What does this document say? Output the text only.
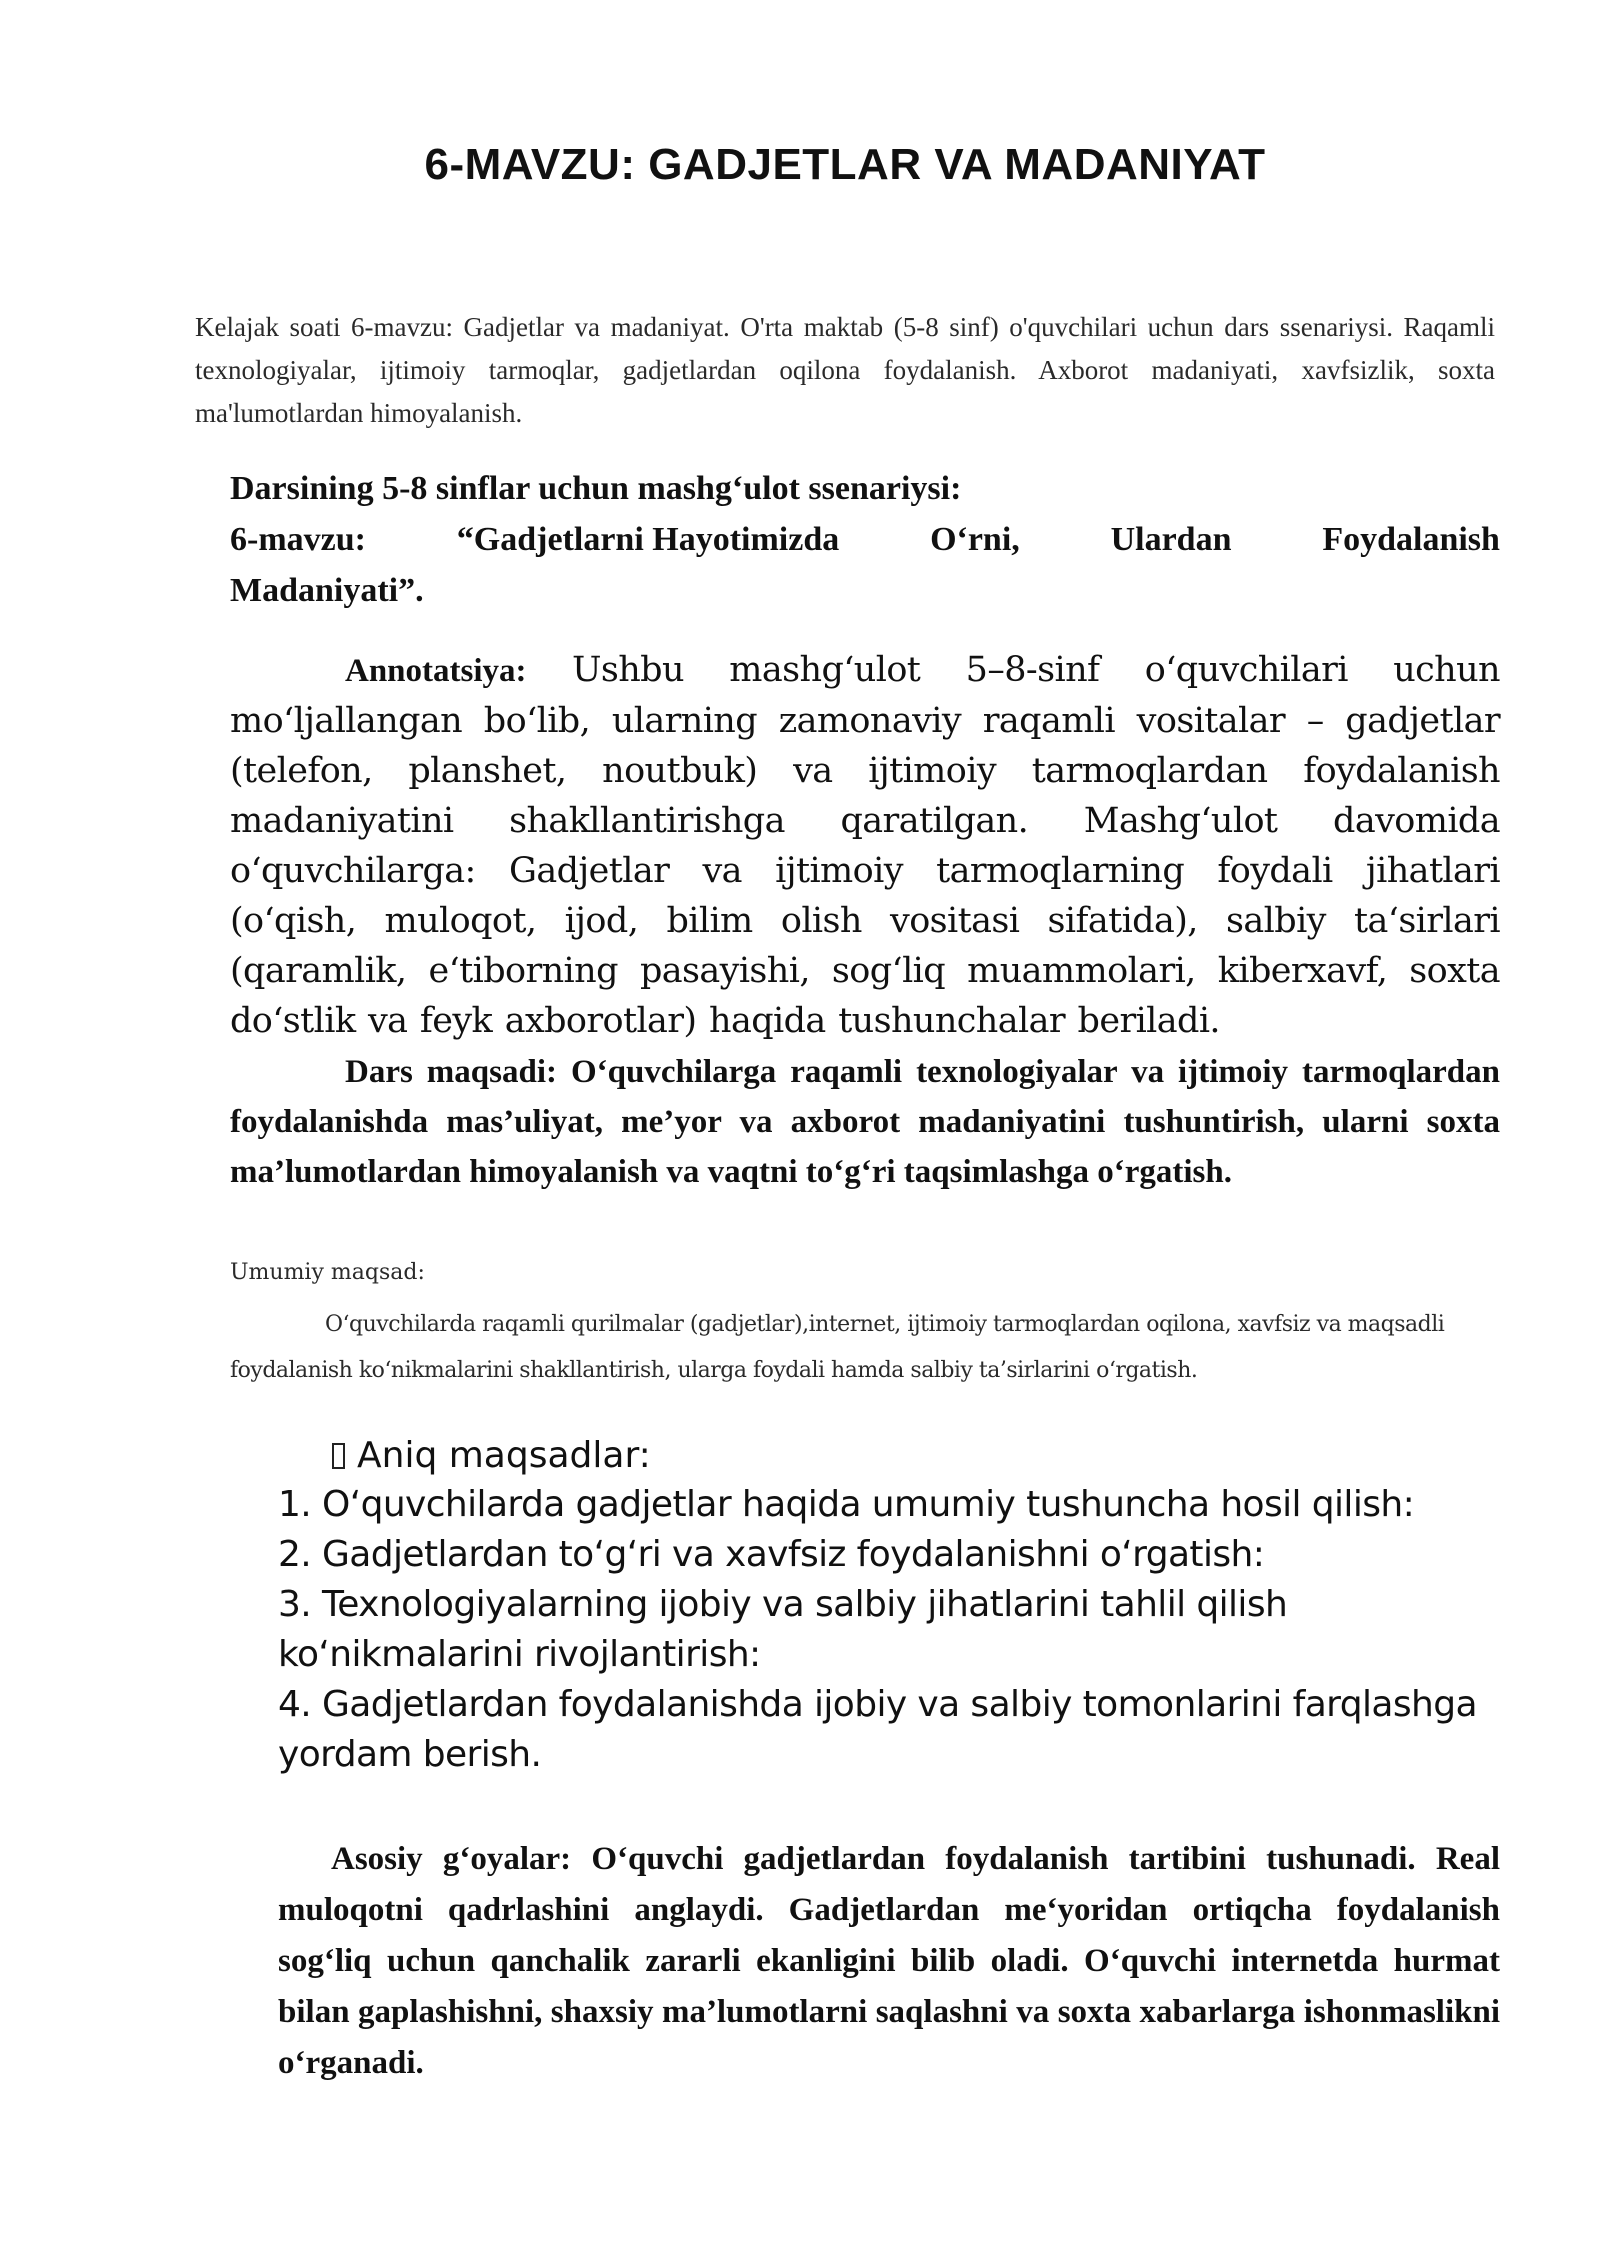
6-MAVZU: GADJETLAR VA MADANIYAT

Kelajak soati 6-mavzu: Gadjetlar va madaniyat. O'rta maktab (5-8 sinf) o'quvchilari uchun dars ssenariysi. Raqamli texnologiyalar, ijtimoiy tarmoqlar, gadjetlardan oqilona foydalanish. Axborot madaniyati, xavfsizlik, soxta ma'lumotlardan himoyalanish.

Darsining 5-8 sinflar uchun mashg‘ulot ssenariysi:
6-mavzu:	“Gadjetlarni Hayotimizda	O‘rni,	Ulardan	Foydalanish
Madaniyati”.

Annotatsiya: Ushbu mashg‘ulot 5–8-sinf o‘quvchilari uchun mo‘ljallangan bo‘lib, ularning zamonaviy raqamli vositalar – gadjetlar (telefon, planshet, noutbuk) va ijtimoiy tarmoqlardan foydalanish madaniyatini shakllantirishga qaratilgan. Mashg‘ulot davomida o‘quvchilarga: Gadjetlar va ijtimoiy tarmoqlarning foydali jihatlari (o‘qish, muloqot, ijod, bilim olish vositasi sifatida), salbiy ta‘sirlari (qaramlik, e‘tiborning pasayishi, sog‘liq muammolari, kiberxavf, soxta do‘stlik va feyk axborotlar) haqida tushunchalar beriladi.

Dars maqsadi: O‘quvchilarga raqamli texnologiyalar va ijtimoiy tarmoqlardan foydalanishda mas’uliyat, me’yor va axborot madaniyatini tushuntirish, ularni soxta ma’lumotlardan himoyalanish va vaqtni to‘g‘ri taqsimlashga o‘rgatish.

Umumiy maqsad:

O‘quvchilarda raqamli qurilmalar (gadjetlar),internet, ijtimoiy tarmoqlardan oqilona, xavfsiz va maqsadli foydalanish ko‘nikmalarini shakllantirish, ularga foydali hamda salbiy ta’sirlarini o‘rgatish.

Aniq maqsadlar:
1. O‘quvchilarda gadjetlar haqida umumiy tushuncha hosil qilish:
2. Gadjetlardan to‘g‘ri va xavfsiz foydalanishni o‘rgatish:
3. Texnologiyalarning ijobiy va salbiy jihatlarini tahlil qilish ko‘nikmalarini rivojlantirish:
4. Gadjetlardan foydalanishda ijobiy va salbiy tomonlarini farqlashga yordam berish.

Asosiy g‘oyalar: O‘quvchi gadjetlardan foydalanish tartibini tushunadi. Real muloqotni qadrlashini anglaydi. Gadjetlardan me‘yoridan ortiqcha foydalanish sog‘liq uchun qanchalik zararli ekanligini bilib oladi. O‘quvchi internetda hurmat bilan gaplashishni, shaxsiy ma’lumotlarni saqlashni va soxta xabarlarga ishonmaslikni o‘rganadi.
